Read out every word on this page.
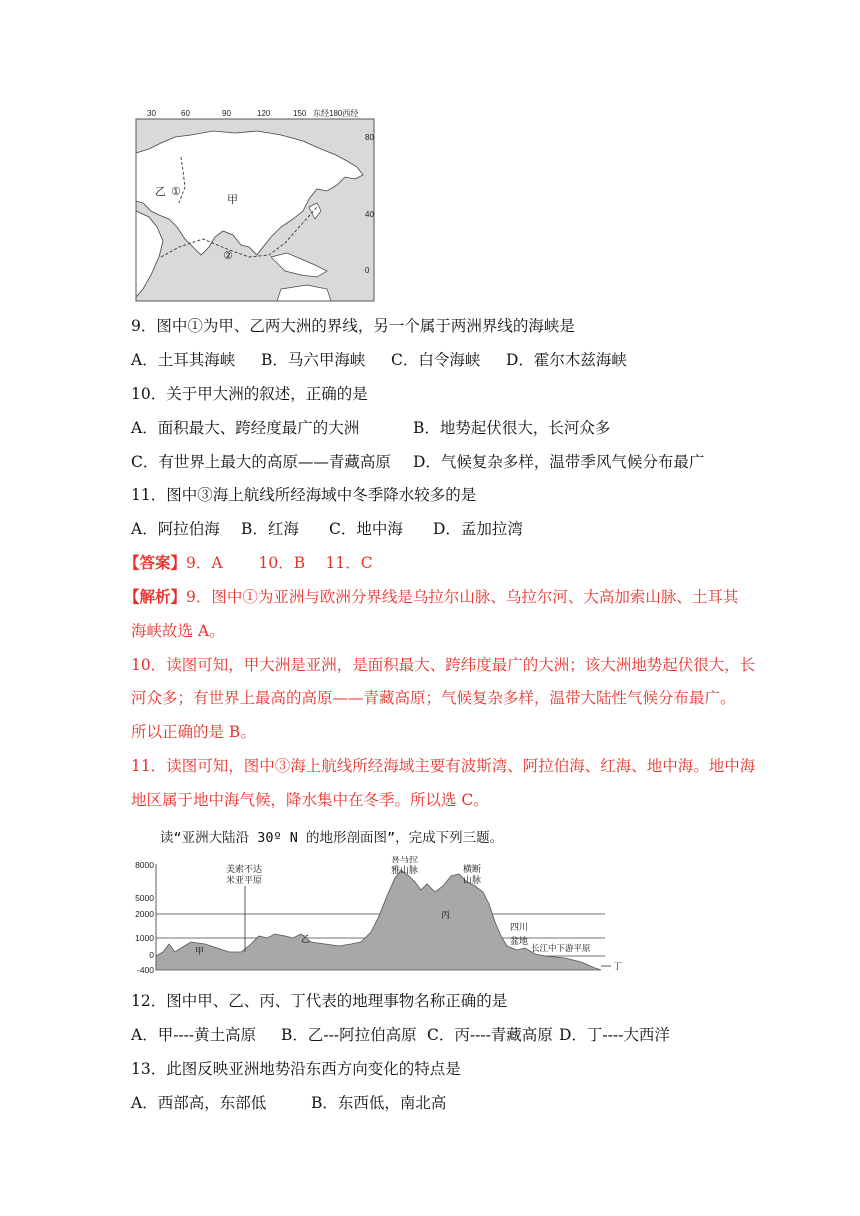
30	60	90	120	150 东经180西经
80
40
0
乙 ①
甲
②
9．图中①为甲、乙两大洲的界线，另一个属于两洲界线的海峡是
A．土耳其海峡 B．马六甲海峡 C．白令海峡 D．霍尔木兹海峡
10．关于甲大洲的叙述，正确的是
A．面积最大、跨经度最广的大洲	B．地势起伏很大，长河众多
C．有世界上最大的高原——青藏高原 D．气候复杂多样，温带季风气候分布最广
11．图中③海上航线所经海域中冬季降水较多的是
A．阿拉伯海 B．红海 C．地中海 D．孟加拉湾
【答案】9．A　　 10．B　 11．C
【解析】9．图中①为亚洲与欧洲分界线是乌拉尔山脉、乌拉尔河、大高加索山脉、土耳其
海峡故选 A。
10．读图可知，甲大洲是亚洲，是面积最大、跨纬度最广的大洲；该大洲地势起伏很大，长
河众多；有世界上最高的高原——青藏高原；气候复杂多样，温带大陆性气候分布最广。
所以正确的是 B。
11．读图可知，图中③海上航线所经海域主要有波斯湾、阿拉伯海、红海、地中海。地中海
地区属于地中海气候，降水集中在冬季。所以选 C。
读“亚洲大陆沿 30º N 的地形剖面图”，完成下列三题。
8000
5000
2000
1000
0
-400
美索不达
米亚平原
喜马拉
雅山脉	横断
山脉
甲
乙
丙
四川
盆地
长江中下游平原
丁
12．图中甲、乙、丙、丁代表的地理事物名称正确的是
A．甲----黄土高原 B．乙---阿拉伯高原 C．丙----青藏高原 D．丁----大西洋
13．此图反映亚洲地势沿东西方向变化的特点是
A．西部高，东部低	B．东西低，南北高
